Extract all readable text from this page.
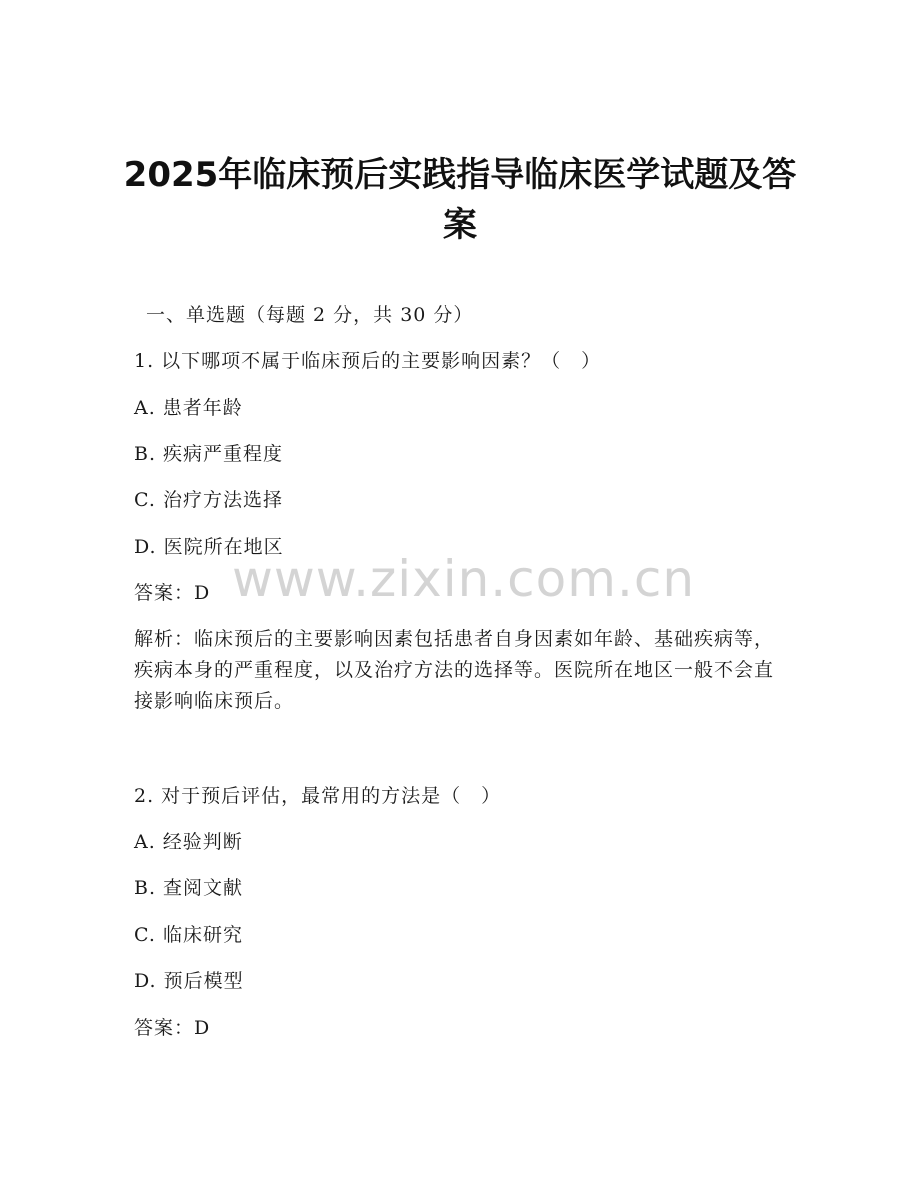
2025年临床预后实践指导临床医学试题及答案
一、单选题（每题 2 分，共 30 分）
1. 以下哪项不属于临床预后的主要影响因素？（　）
A. 患者年龄
B. 疾病严重程度
C. 治疗方法选择
D. 医院所在地区
答案：D
解析：临床预后的主要影响因素包括患者自身因素如年龄、基础疾病等，疾病本身的严重程度，以及治疗方法的选择等。医院所在地区一般不会直接影响临床预后。
2. 对于预后评估，最常用的方法是（　）
A. 经验判断
B. 查阅文献
C. 临床研究
D. 预后模型
答案：D
www.zixin.com.cn
